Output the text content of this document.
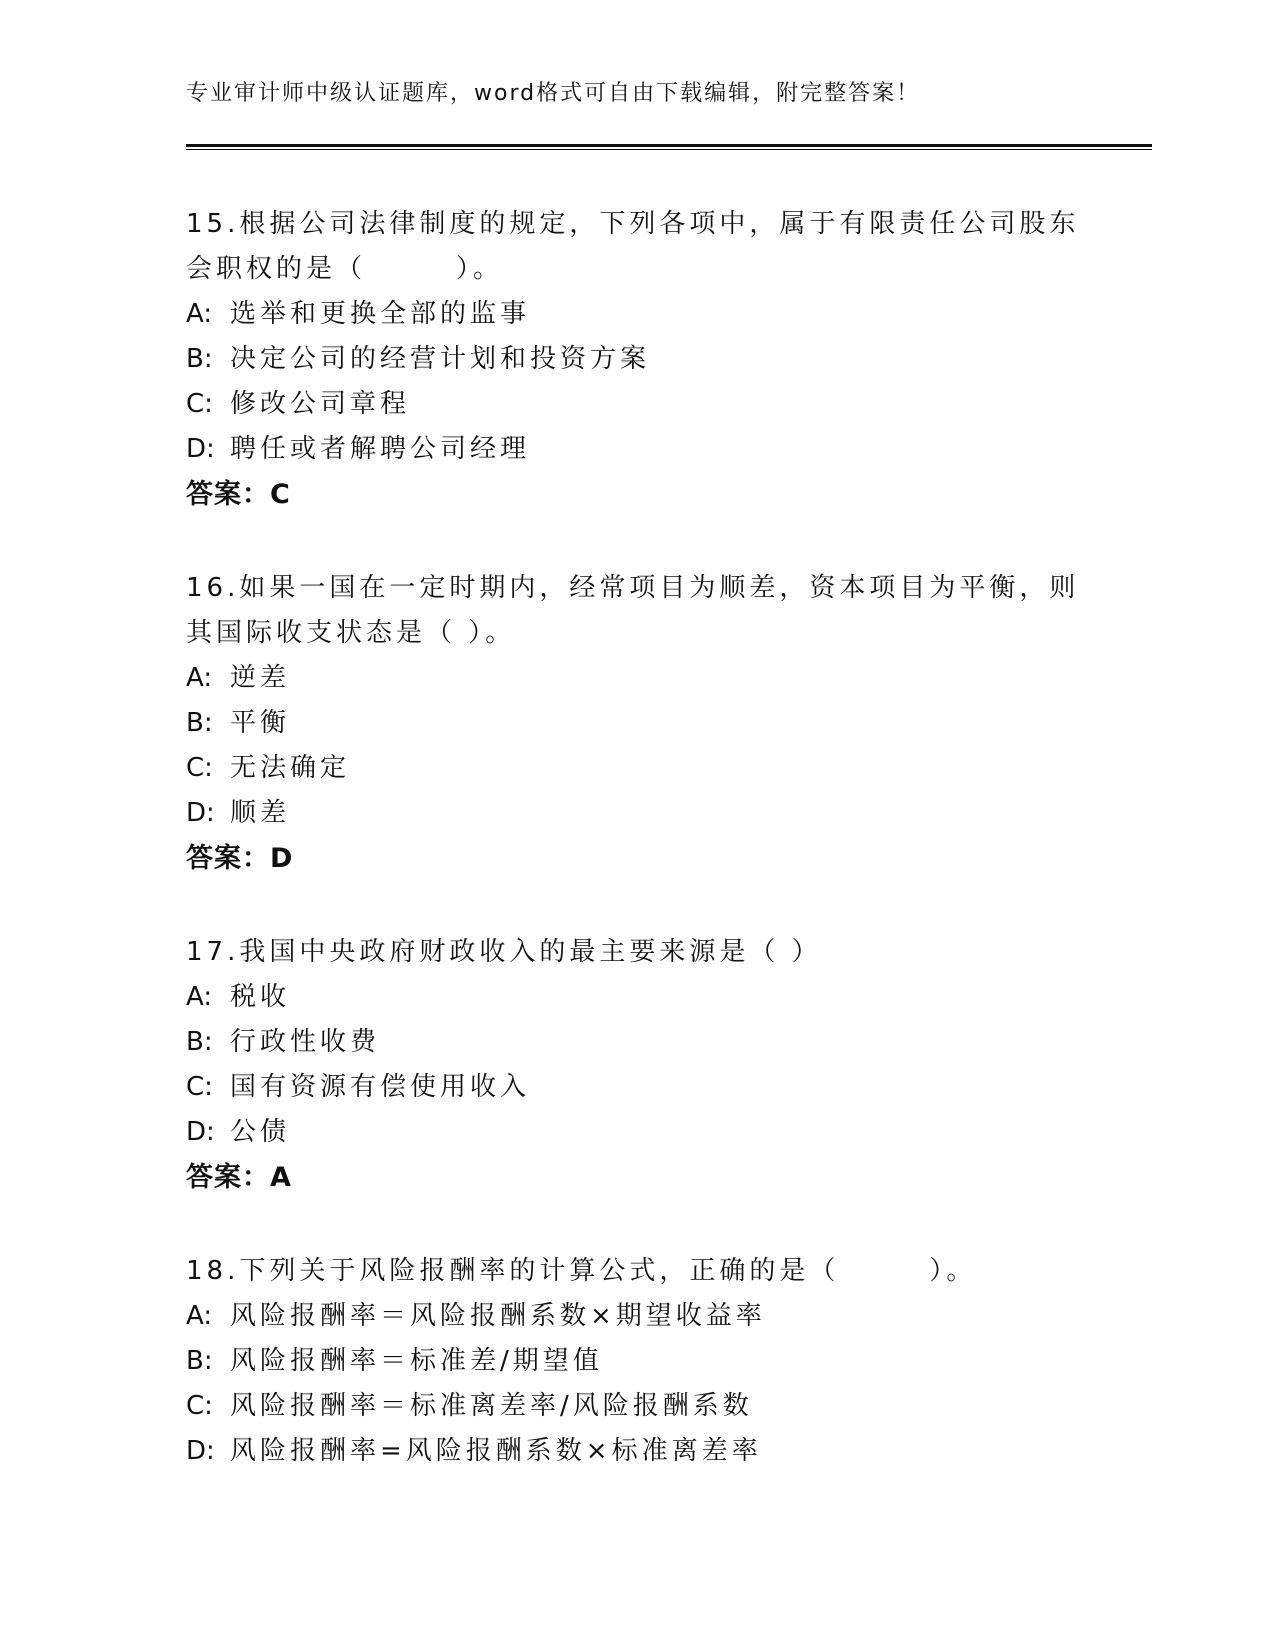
专业审计师中级认证题库，word格式可自由下载编辑，附完整答案！

15.根据公司法律制度的规定，下列各项中，属于有限责任公司股东会职权的是（　　　）。

A: 选举和更换全部的监事
B: 决定公司的经营计划和投资方案
C: 修改公司章程
D: 聘任或者解聘公司经理
答案：C

16.如果一国在一定时期内，经常项目为顺差，资本项目为平衡，则其国际收支状态是（ ）。

A: 逆差
B: 平衡
C: 无法确定
D: 顺差
答案：D

17.我国中央政府财政收入的最主要来源是（ ）

A: 税收
B: 行政性收费
C: 国有资源有偿使用收入
D: 公债
答案：A

18.下列关于风险报酬率的计算公式，正确的是（　　　）。

A: 风险报酬率＝风险报酬系数×期望收益率
B: 风险报酬率＝标准差/期望值
C: 风险报酬率＝标准离差率/风险报酬系数
D: 风险报酬率=风险报酬系数×标准离差率
